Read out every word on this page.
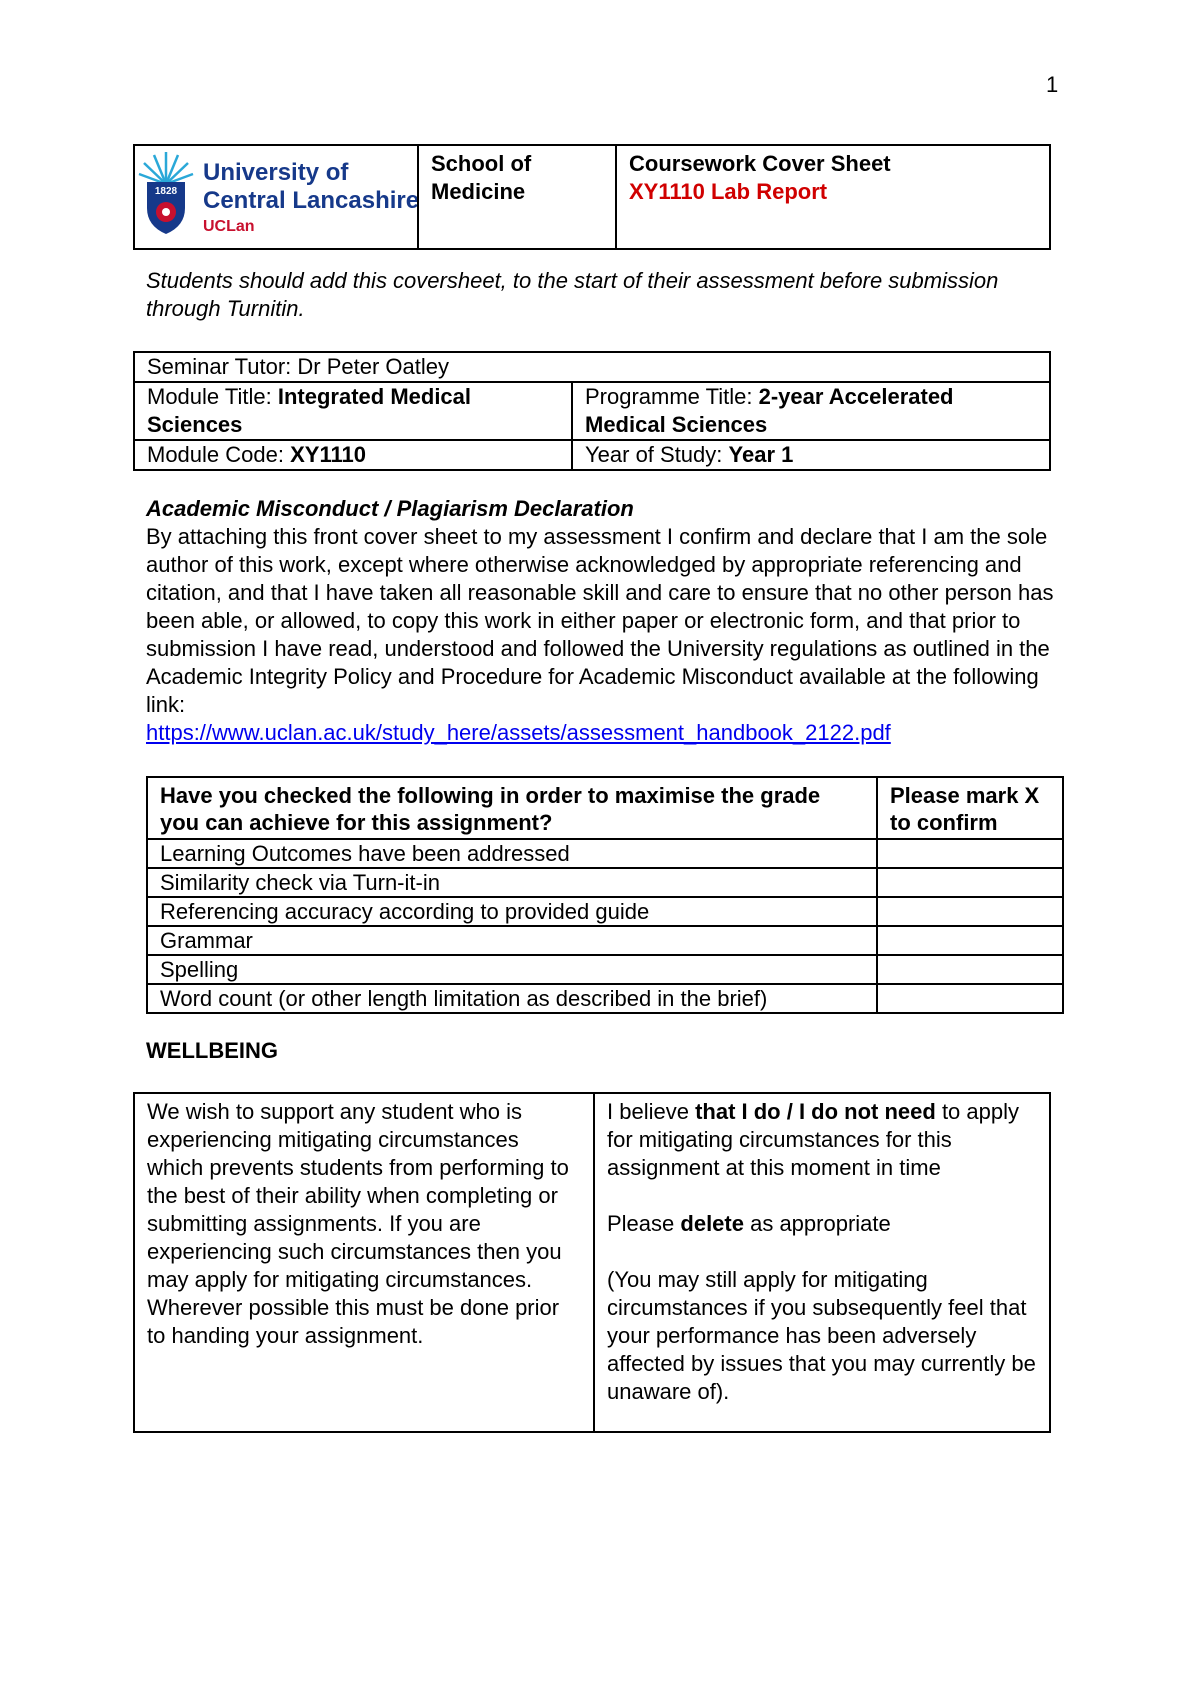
1
1828
University of
Central Lancashire
UCLan
	School of Medicine	
Coursework Cover Sheet
XY1110 Lab Report

Students should add this coversheet, to the start of their assessment before submission through Turnitin.

Seminar Tutor: Dr Peter Oatley	
Module Title: Integrated Medical Sciences	Programme Title: 2-year Accelerated Medical Sciences
Module Code: XY1110	Year of Study: Year 1
Academic Misconduct / Plagiarism Declaration
By attaching this front cover sheet to my assessment I confirm and declare that I am the sole author of this work, except where otherwise acknowledged by appropriate referencing and citation, and that I have taken all reasonable skill and care to ensure that no other person has been able, or allowed, to copy this work in either paper or electronic form, and that prior to submission I have read, understood and followed the University regulations as outlined in the Academic Integrity Policy and Procedure for Academic Misconduct available at the following link:
https://www.uclan.ac.uk/study_here/assets/assessment_handbook_2122.pdf
Have you checked the following in order to maximise the grade you can achieve for this assignment?	Please mark X to confirm
Learning Outcomes have been addressed	
Similarity check via Turn-it-in	
Referencing accuracy according to provided guide	
Grammar	
Spelling	
Word count (or other length limitation as described in the brief)	

WELLBEING

We wish to support any student who is experiencing mitigating circumstances which prevents students from performing to the best of their ability when completing or submitting assignments. If you are experiencing such circumstances then you may apply for mitigating circumstances. Wherever possible this must be done prior to handing your assignment.

I believe that I do / I do not need to apply for mitigating circumstances for this assignment at this moment in time

Please delete as appropriate

(You may still apply for mitigating circumstances if you subsequently feel that your performance has been adversely affected by issues that you may currently be unaware of).
